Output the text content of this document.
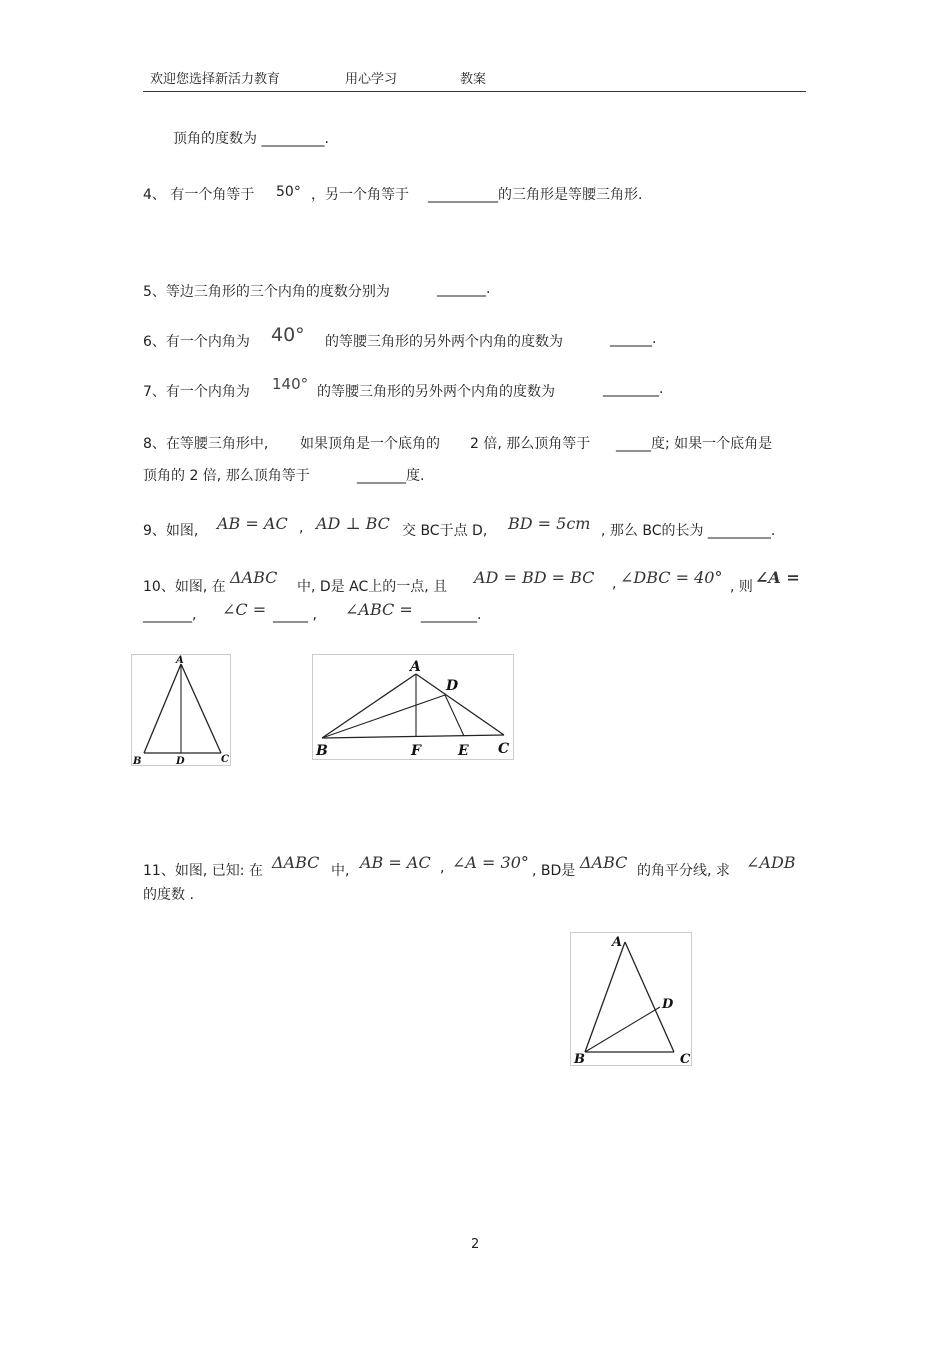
欢迎您选择新活力教育	用心学习	教案
顶角的度数为 _________.
4、 有一个角等于 50° ，另一个角等于 __________的三角形是等腰三角形.
5、等边三角形的三个内角的度数分别为	_______.
6、有一个内角为 40° 的等腰三角形的另外两个内角的度数为	______.
7、有一个内角为 140° 的等腰三角形的另外两个内角的度数为	________.
8、在等腰三角形中, 如果顶角是一个底角的 2 倍, 那么顶角等于 _____度; 如果一个底角是
顶角的 2 倍, 那么顶角等于	_______度.
9、如图, AB = AC , AD ⊥ BC 交 BC于点 D, BD = 5cm , 那么 BC的长为 _________.
10、如图, 在 ΔABC 中, D是 AC上的一点, 且 AD = BD = BC , ∠DBC = 40° , 则 ∠A =
_______, ∠C = _____ , ∠ABC = ________.
A
B	D	C
A
D
B	F	E C
11、如图, 已知: 在 ΔABC 中, AB = AC , ∠A = 30° , BD是 ΔABC 的角平分线, 求 ∠ADB
的度数 .
A
D
B	C
2
